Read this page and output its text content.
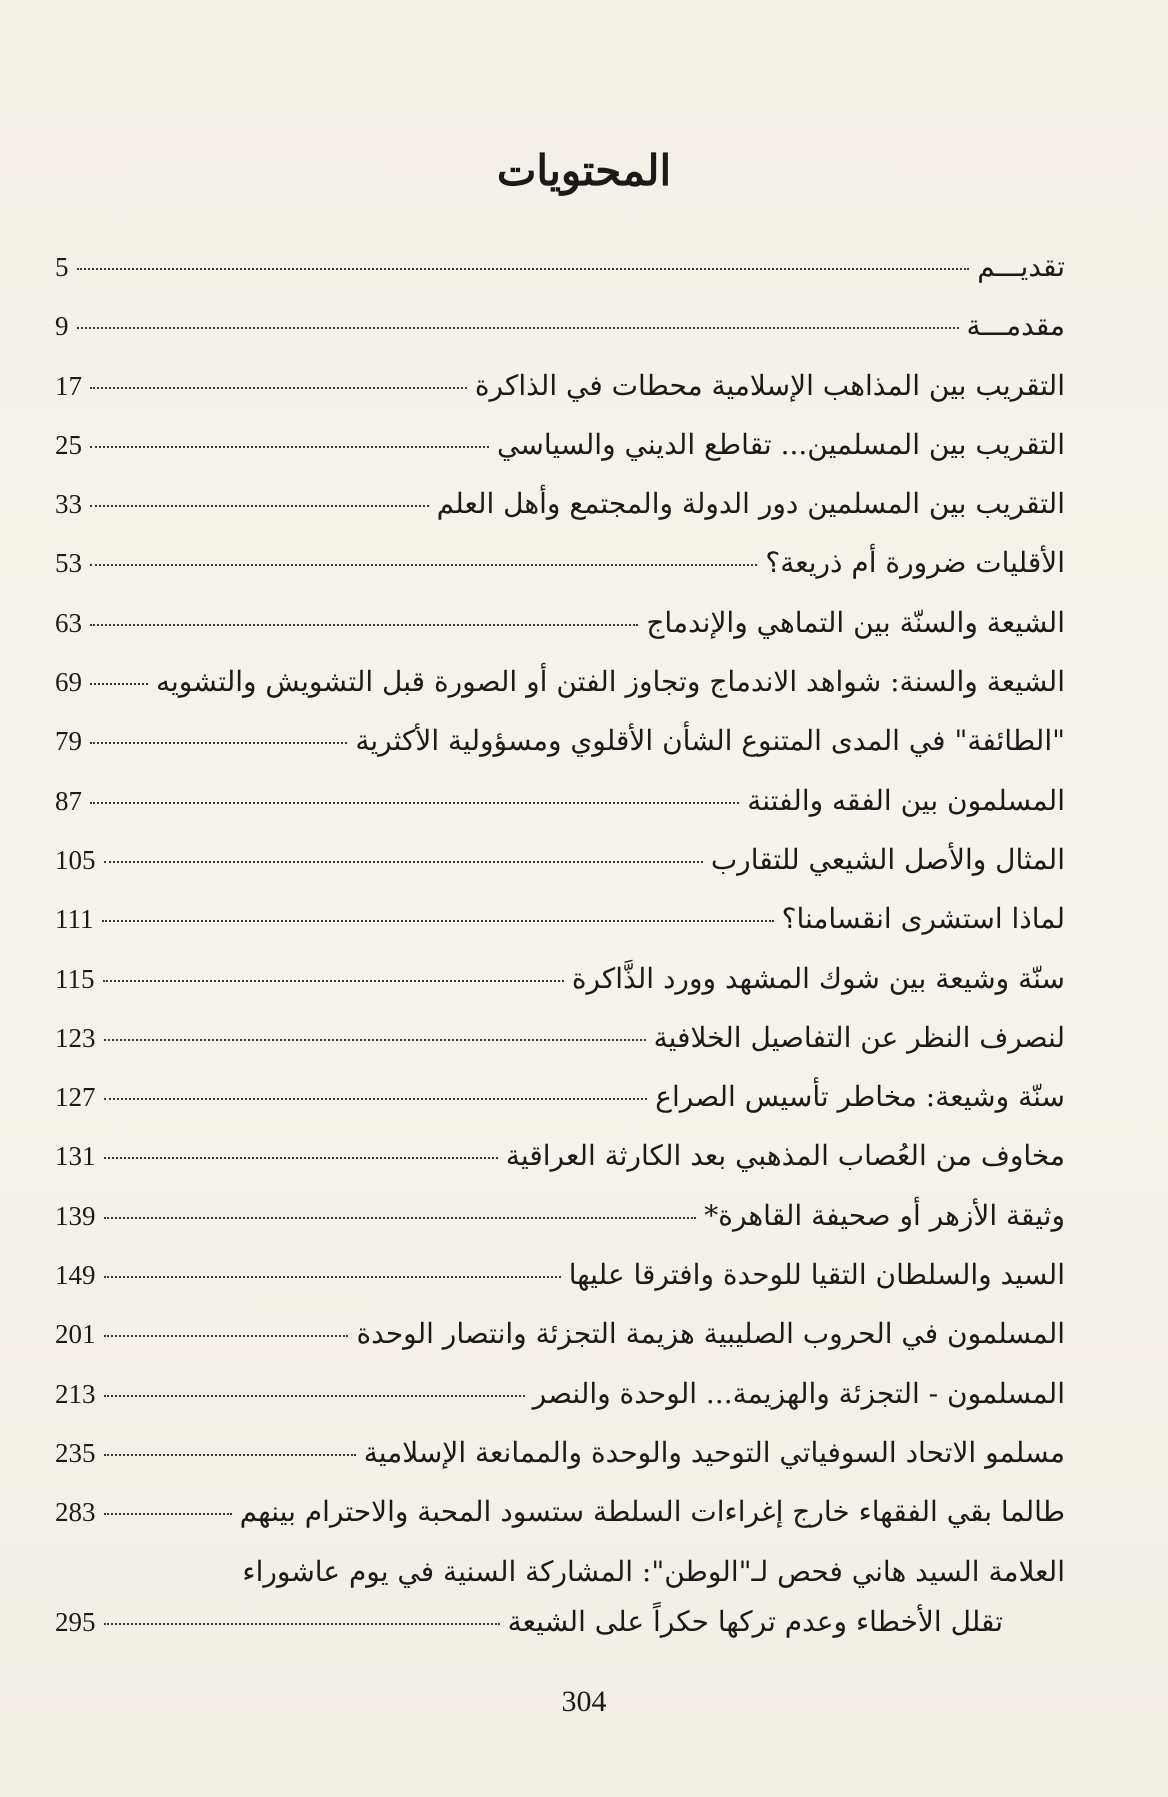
المحتويات
تقديـــم
5
مقدمـــة
9
التقريب بين المذاهب الإسلامية محطات في الذاكرة
17
التقريب بين المسلمين... تقاطع الديني والسياسي
25
التقريب بين المسلمين دور الدولة والمجتمع وأهل العلم
33
الأقليات ضرورة أم ذريعة؟
53
الشيعة والسنّة بين التماهي والإندماج
63
الشيعة والسنة: شواهد الاندماج وتجاوز الفتن أو الصورة قبل التشويش والتشويه
69
"الطائفة" في المدى المتنوع الشأن الأقلوي ومسؤولية الأكثرية
79
المسلمون بين الفقه والفتنة
87
المثال والأصل الشيعي للتقارب
105
لماذا استشرى انقسامنا؟
111
سنّة وشيعة بين شوك المشهد وورد الذَّاكرة
115
لنصرف النظر عن التفاصيل الخلافية
123
سنّة وشيعة: مخاطر تأسيس الصراع
127
مخاوف من العُصاب المذهبي بعد الكارثة العراقية
131
وثيقة الأزهر أو صحيفة القاهرة*
139
السيد والسلطان التقيا للوحدة وافترقا عليها
149
المسلمون في الحروب الصليبية هزيمة التجزئة وانتصار الوحدة
201
المسلمون - التجزئة والهزيمة... الوحدة والنصر
213
مسلمو الاتحاد السوفياتي التوحيد والوحدة والممانعة الإسلامية
235
طالما بقي الفقهاء خارج إغراءات السلطة ستسود المحبة والاحترام بينهم
283
العلامة السيد هاني فحص لـ"الوطن": المشاركة السنية في يوم عاشوراء
تقلل الأخطاء وعدم تركها حكراً على الشيعة
295
304
